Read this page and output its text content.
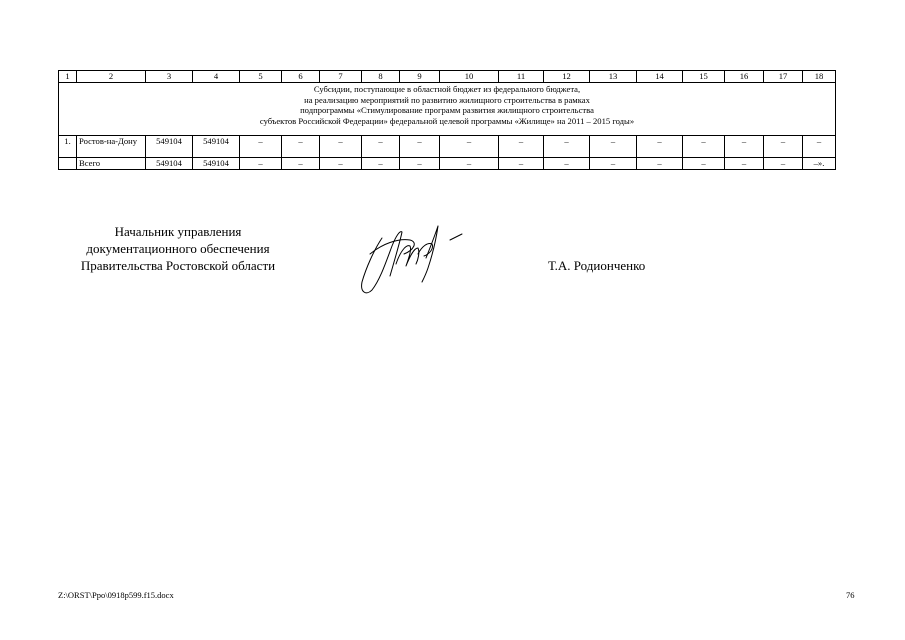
1	2	3	4	5	6	7	8	9	10	11	12	13	14	15	16	17	18

Субсидии, поступающие в областной бюджет из федерального бюджета,
на реализацию мероприятий по развитию жилищного строительства в рамках
подпрограммы «Стимулирование программ развития жилищного строительства
субъектов Российской Федерации» федеральной целевой программы «Жилище» на 2011 – 2015 годы»																	

1.	Ростов-на-Дону	549104	549104	–	–	–	–	–	–	–	–	–	–	–	–	–	–
	Всего	549104	549104	–	–	–	–	–	–	–	–	–	–	–	–	–	–».
Начальник управления
документационного обеспечения
Правительства Ростовской области	Т.А. Родионченко
Z:\ORST\Ppo\0918p599.f15.docx	76
